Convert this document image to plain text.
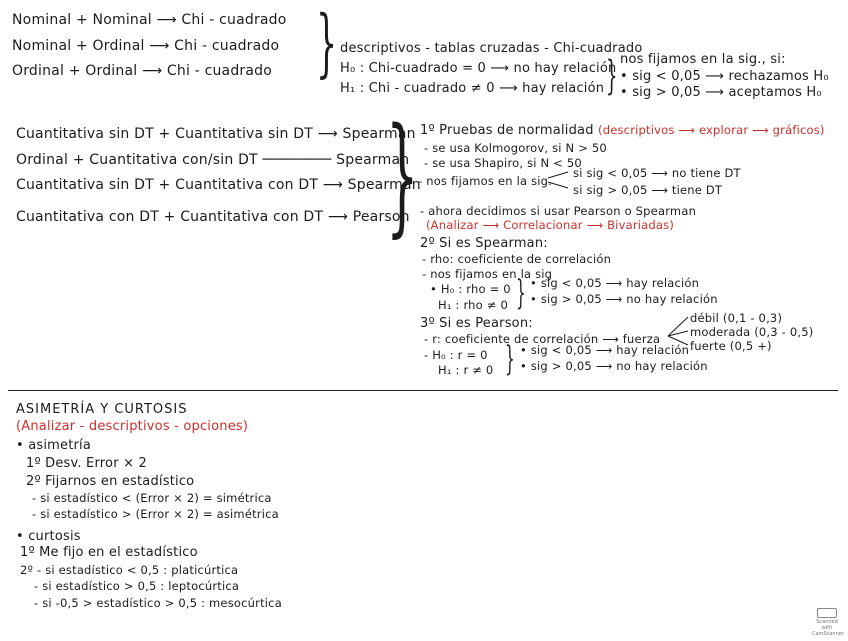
Nominal + Nominal ⟶ Chi - cuadrado
Nominal + Ordinal ⟶ Chi - cuadrado
Ordinal + Ordinal ⟶ Chi - cuadrado } descriptivos - tablas cruzadas - Chi-cuadrado
H₀ : Chi-cuadrado = 0 ⟶ no hay relación
H₁ : Chi - cuadrado ≠ 0 ⟶ hay relación } nos fijamos en la sig., si:
• sig < 0,05 ⟶ rechazamos H₀
• sig > 0,05 ⟶ aceptamos H₀
Cuantitativa sin DT + Cuantitativa sin DT ⟶ Spearman
Ordinal + Cuantitativa con/sin DT ──────── Spearman
Cuantitativa sin DT + Cuantitativa con DT ⟶ Spearman
Cuantitativa con DT + Cuantitativa con DT ⟶ Pearson
} 1º Pruebas de normalidad (descriptivos ⟶ explorar ⟶ gráficos)
- se usa Kolmogorov, si N > 50
- se usa Shapiro, si N < 50
- nos fijamos en la sig.
si sig < 0,05 ⟶ no tiene DT
si sig > 0,05 ⟶ tiene DT
- ahora decidimos si usar Pearson o Spearman
(Analizar ⟶ Correlacionar ⟶ Bivariadas)
2º Si es Spearman:
- rho: coeficiente de correlación
- nos fijamos en la sig
• H₀ : rho = 0
H₁ : rho ≠ 0 } • sig < 0,05 ⟶ hay relación
• sig > 0,05 ⟶ no hay relación
3º Si es Pearson:
- r: coeficiente de correlación ⟶ fuerza
débil (0,1 - 0,3)
moderada (0,3 - 0,5)
fuerte (0,5 +)
- H₀ : r = 0
H₁ : r ≠ 0 } • sig < 0,05 ⟶ hay relación
• sig > 0,05 ⟶ no hay relación
ASIMETRÍA Y CURTOSIS
(Analizar - descriptivos - opciones)
• asimetría
1º Desv. Error × 2
2º Fijarnos en estadístico
- si estadístico < (Error × 2) = simétrica
- si estadístico > (Error × 2) = asimétrica
• curtosis
1º Me fijo en el estadístico
2º - si estadístico < 0,5 : platicúrtica
- si estadístico > 0,5 : leptocúrtica
- si -0,5 > estadístico > 0,5 : mesocúrtica
Scanned with CamScanner
